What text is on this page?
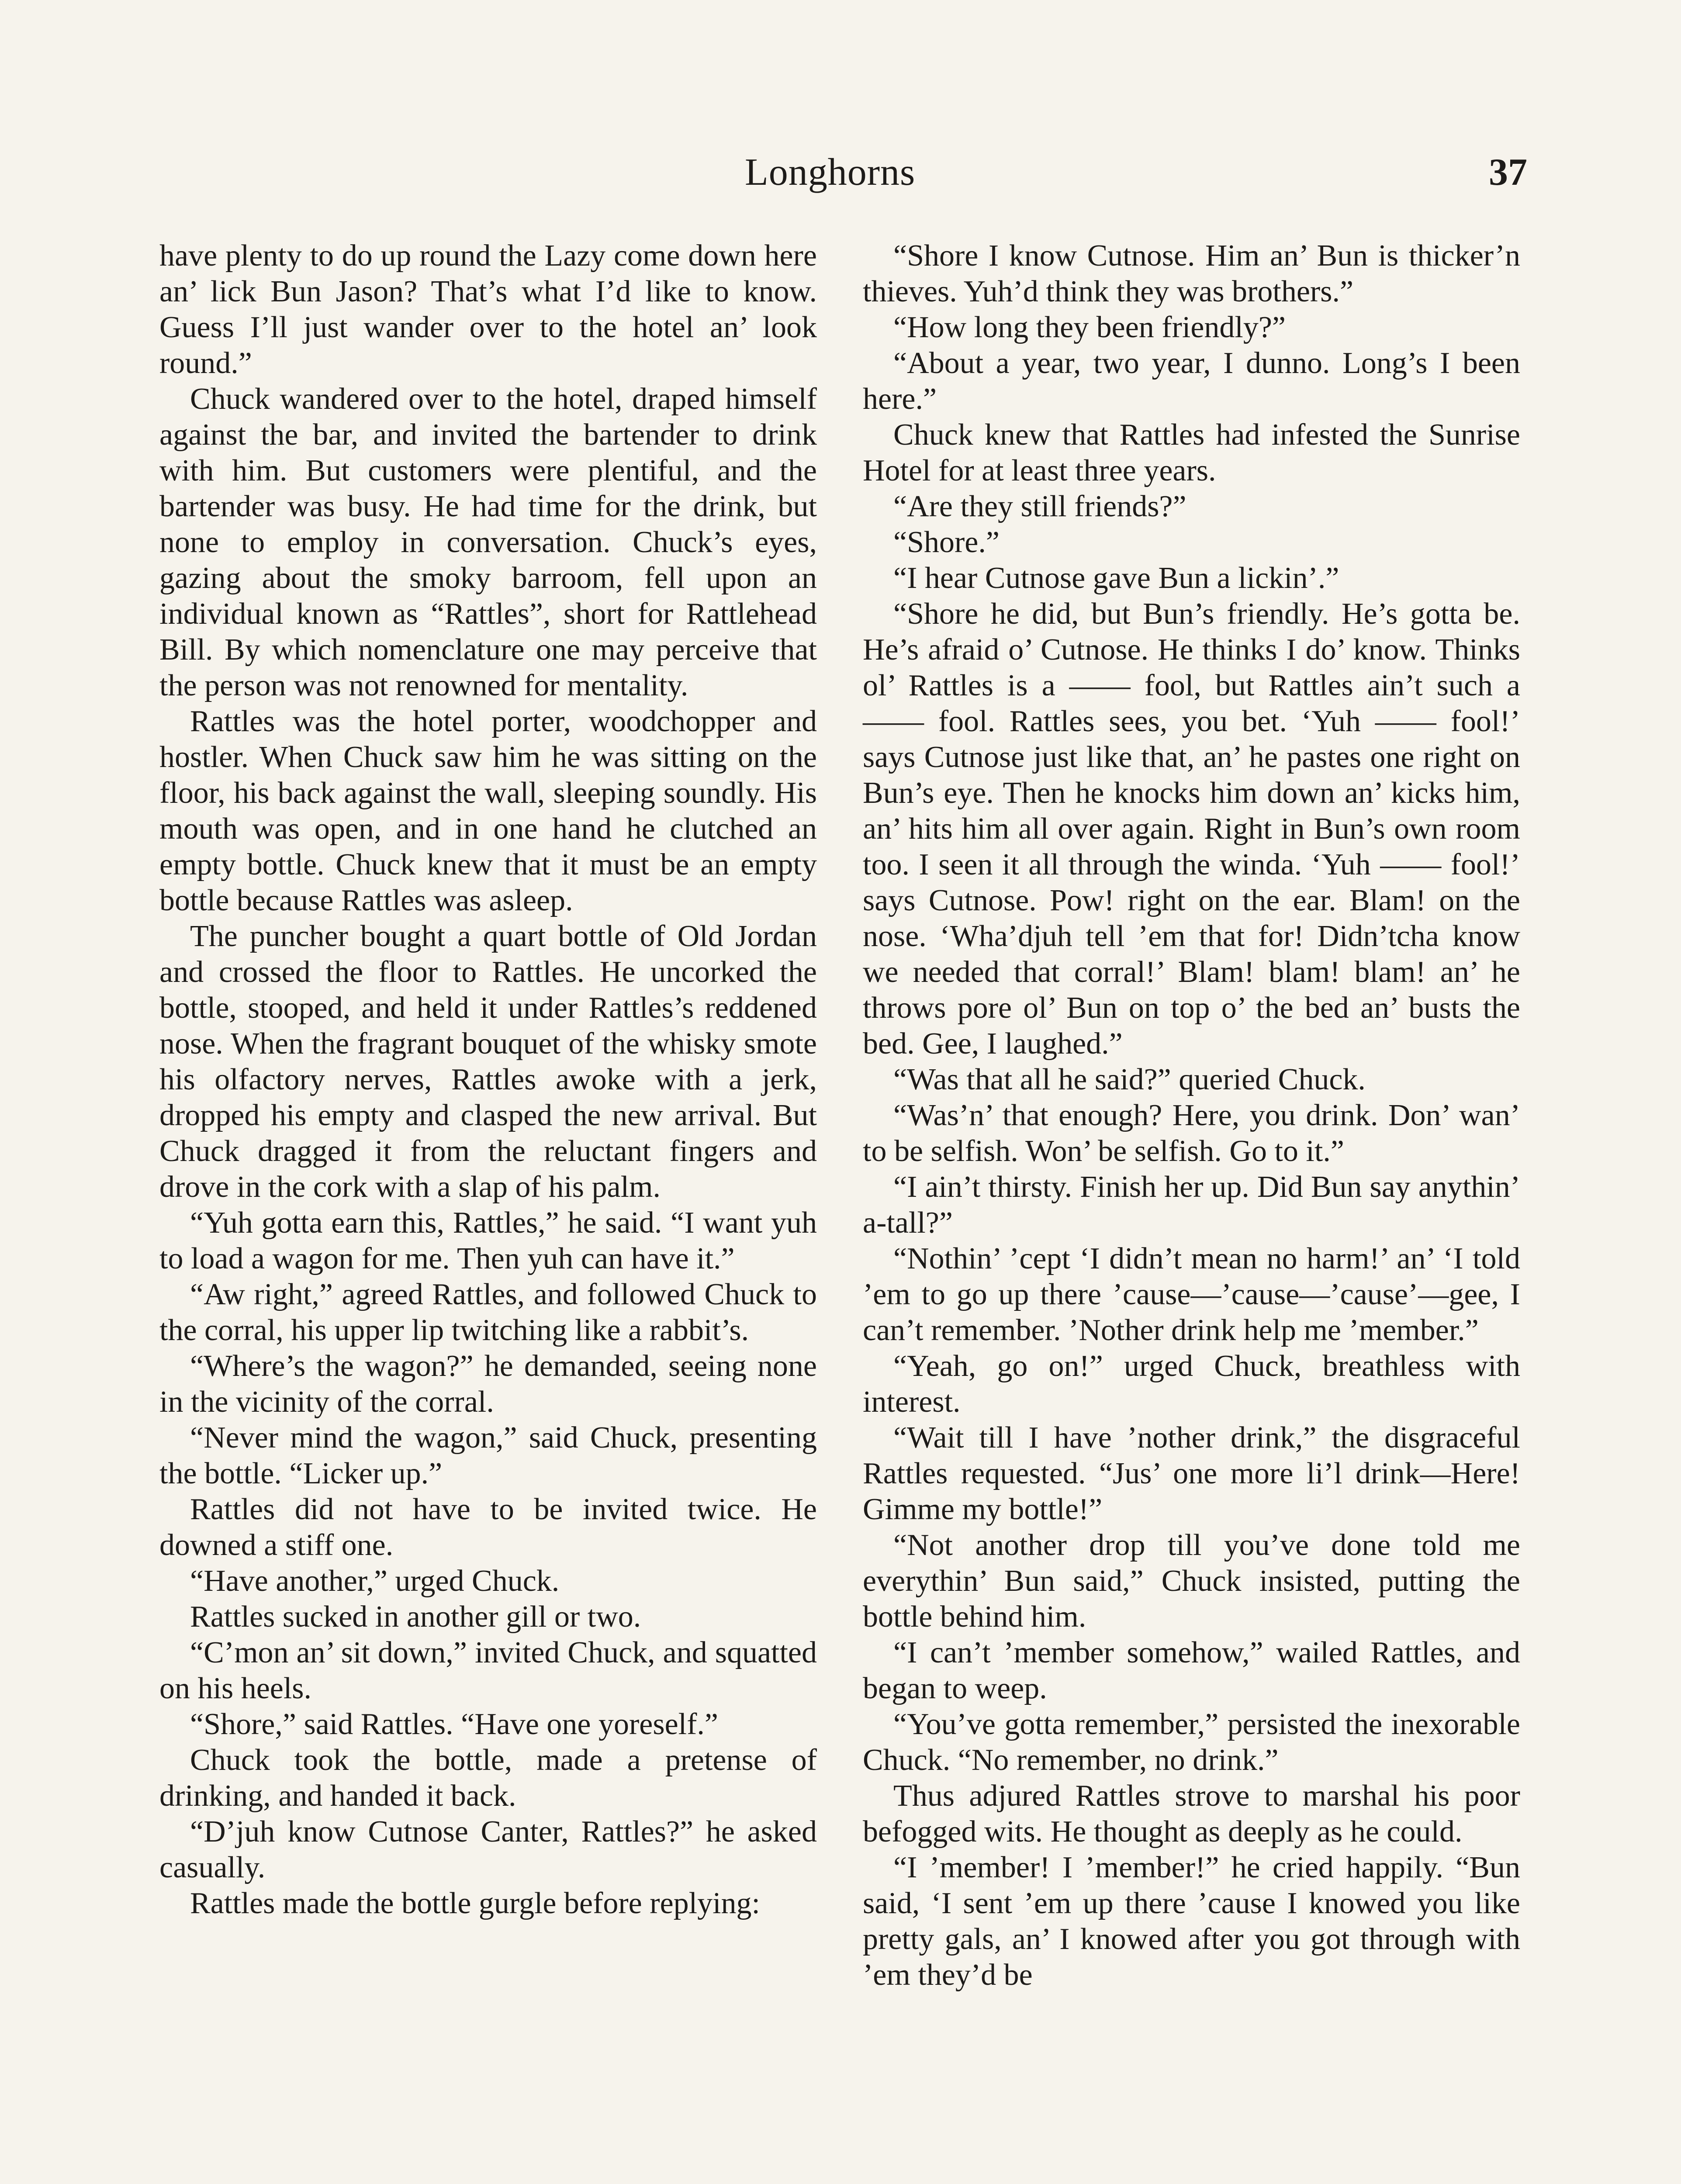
Longhorns	37

have plenty to do up round the Lazy come down here an’ lick Bun Jason? That’s what I’d like to know. Guess I’ll just wander over to the hotel an’ look round.”

Chuck wandered over to the hotel, draped himself against the bar, and invited the bartender to drink with him. But customers were plentiful, and the bartender was busy. He had time for the drink, but none to employ in conversation. Chuck’s eyes, gazing about the smoky barroom, fell upon an individual known as “Rattles”, short for Rattlehead Bill. By which nomenclature one may perceive that the person was not renowned for mentality.

Rattles was the hotel porter, woodchopper and hostler. When Chuck saw him he was sitting on the floor, his back against the wall, sleeping soundly. His mouth was open, and in one hand he clutched an empty bottle. Chuck knew that it must be an empty bottle because Rattles was asleep.

The puncher bought a quart bottle of Old Jordan and crossed the floor to Rattles. He uncorked the bottle, stooped, and held it under Rattles’s reddened nose. When the fragrant bouquet of the whisky smote his olfactory nerves, Rattles awoke with a jerk, dropped his empty and clasped the new arrival. But Chuck dragged it from the reluctant fingers and drove in the cork with a slap of his palm.

“Yuh gotta earn this, Rattles,” he said. “I want yuh to load a wagon for me. Then yuh can have it.”

“Aw right,” agreed Rattles, and followed Chuck to the corral, his upper lip twitching like a rabbit’s.

“Where’s the wagon?” he demanded, seeing none in the vicinity of the corral.

“Never mind the wagon,” said Chuck, presenting the bottle. “Licker up.”

Rattles did not have to be invited twice. He downed a stiff one.

“Have another,” urged Chuck.

Rattles sucked in another gill or two.

“C’mon an’ sit down,” invited Chuck, and squatted on his heels.

“Shore,” said Rattles. “Have one yoreself.”

Chuck took the bottle, made a pretense of drinking, and handed it back.

“D’juh know Cutnose Canter, Rattles?” he asked casually.

Rattles made the bottle gurgle before replying:

“Shore I know Cutnose. Him an’ Bun is thicker’n thieves. Yuh’d think they was brothers.”

“How long they been friendly?”

“About a year, two year, I dunno. Long’s I been here.”

Chuck knew that Rattles had infested the Sunrise Hotel for at least three years.

“Are they still friends?”

“Shore.”

“I hear Cutnose gave Bun a lickin’.”

“Shore he did, but Bun’s friendly. He’s gotta be. He’s afraid o’ Cutnose. He thinks I do’ know. Thinks ol’ Rattles is a —— fool, but Rattles ain’t such a —— fool. Rattles sees, you bet. ‘Yuh —— fool!’ says Cutnose just like that, an’ he pastes one right on Bun’s eye. Then he knocks him down an’ kicks him, an’ hits him all over again. Right in Bun’s own room too. I seen it all through the winda. ‘Yuh —— fool!’ says Cutnose. Pow! right on the ear. Blam! on the nose. ‘Wha’djuh tell ’em that for! Didn’tcha know we needed that corral!’ Blam! blam! blam! an’ he throws pore ol’ Bun on top o’ the bed an’ busts the bed. Gee, I laughed.”

“Was that all he said?” queried Chuck.

“Was’n’ that enough? Here, you drink. Don’ wan’ to be selfish. Won’ be selfish. Go to it.”

“I ain’t thirsty. Finish her up. Did Bun say anythin’ a-tall?”

“Nothin’ ’cept ‘I didn’t mean no harm!’ an’ ‘I told ’em to go up there ’cause—’cause—’cause’—gee, I can’t remember. ’Nother drink help me ’member.”

“Yeah, go on!” urged Chuck, breathless with interest.

“Wait till I have ’nother drink,” the disgraceful Rattles requested. “Jus’ one more li’l drink—Here! Gimme my bottle!”

“Not another drop till you’ve done told me everythin’ Bun said,” Chuck insisted, putting the bottle behind him.

“I can’t ’member somehow,” wailed Rattles, and began to weep.

“You’ve gotta remember,” persisted the inexorable Chuck. “No remember, no drink.”

Thus adjured Rattles strove to marshal his poor befogged wits. He thought as deeply as he could.

“I ’member! I ’member!” he cried happily. “Bun said, ‘I sent ’em up there ’cause I knowed you like pretty gals, an’ I knowed after you got through with ’em they’d be
